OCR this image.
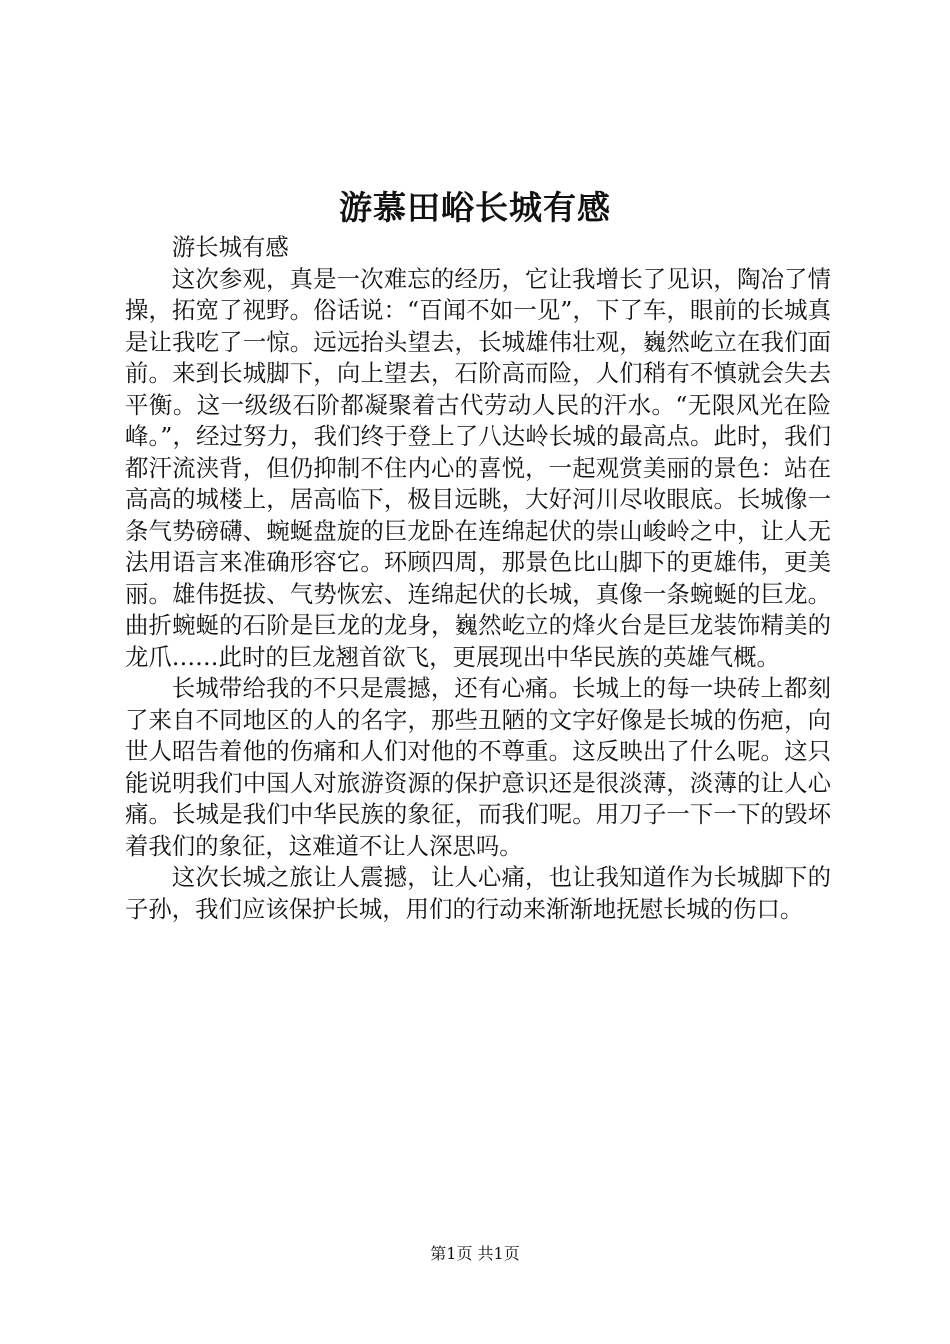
游慕田峪长城有感

游长城有感

这次参观，真是一次难忘的经历，它让我增长了见识，陶冶了情操，拓宽了视野。俗话说：“百闻不如一见”，下了车，眼前的长城真是让我吃了一惊。远远抬头望去，长城雄伟壮观，巍然屹立在我们面前。来到长城脚下，向上望去，石阶高而险，人们稍有不慎就会失去平衡。这一级级石阶都凝聚着古代劳动人民的汗水。“无限风光在险峰。”，经过努力，我们终于登上了八达岭长城的最高点。此时，我们都汗流浃背，但仍抑制不住内心的喜悦，一起观赏美丽的景色：站在高高的城楼上，居高临下，极目远眺，大好河川尽收眼底。长城像一条气势磅礴、蜿蜒盘旋的巨龙卧在连绵起伏的崇山峻岭之中，让人无法用语言来准确形容它。环顾四周，那景色比山脚下的更雄伟，更美丽。雄伟挺拔、气势恢宏、连绵起伏的长城，真像一条蜿蜒的巨龙。曲折蜿蜒的石阶是巨龙的龙身，巍然屹立的烽火台是巨龙装饰精美的龙爪……此时的巨龙翘首欲飞，更展现出中华民族的英雄气概。

长城带给我的不只是震撼，还有心痛。长城上的每一块砖上都刻了来自不同地区的人的名字，那些丑陋的文字好像是长城的伤疤，向世人昭告着他的伤痛和人们对他的不尊重。这反映出了什么呢。这只能说明我们中国人对旅游资源的保护意识还是很淡薄，淡薄的让人心痛。长城是我们中华民族的象征，而我们呢。用刀子一下一下的毁坏着我们的象征，这难道不让人深思吗。

这次长城之旅让人震撼，让人心痛，也让我知道作为长城脚下的子孙，我们应该保护长城，用们的行动来渐渐地抚慰长城的伤口。

第1页 共1页
